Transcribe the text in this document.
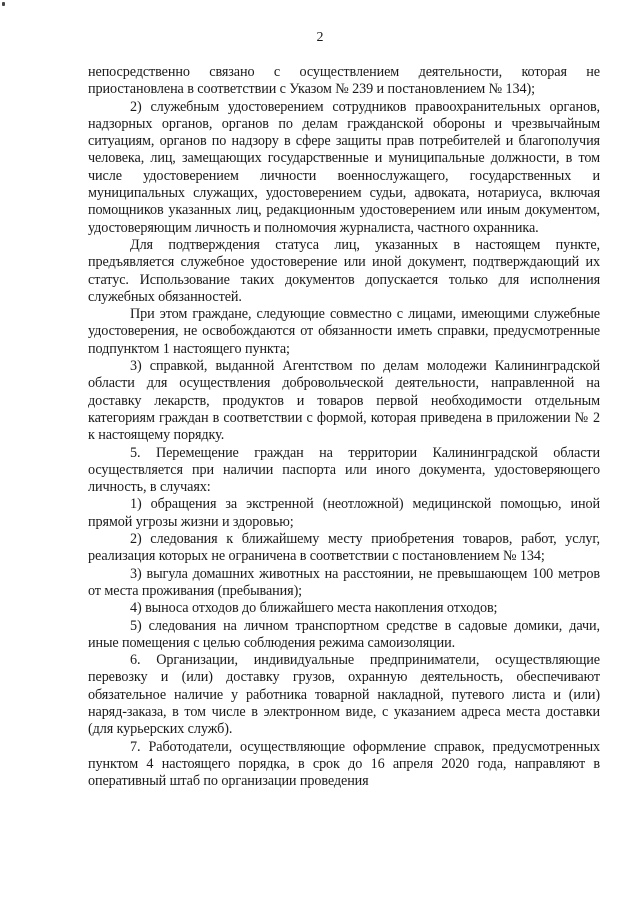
2

непосредственно связано с осуществлением деятельности, которая не приостановлена в соответствии с Указом № 239 и постановлением № 134);

2) служебным удостоверением сотрудников правоохранительных органов, надзорных органов, органов по делам гражданской обороны и чрезвычайным ситуациям, органов по надзору в сфере защиты прав потребителей и благополучия человека, лиц, замещающих государственные и муниципальные должности, в том числе удостоверением личности военнослужащего, государственных и муниципальных служащих, удостоверением судьи, адвоката, нотариуса, включая помощников указанных лиц, редакционным удостоверением или иным документом, удостоверяющим личность и полномочия журналиста, частного охранника.

Для подтверждения статуса лиц, указанных в настоящем пункте, предъявляется служебное удостоверение или иной документ, подтверждающий их статус. Использование таких документов допускается только для исполнения служебных обязанностей.

При этом граждане, следующие совместно с лицами, имеющими служебные удостоверения, не освобождаются от обязанности иметь справки, предусмотренные подпунктом 1 настоящего пункта;

3) справкой, выданной Агентством по делам молодежи Калининградской области для осуществления добровольческой деятельности, направленной на доставку лекарств, продуктов и товаров первой необходимости отдельным категориям граждан в соответствии с формой, которая приведена в приложении № 2 к настоящему порядку.

5. Перемещение граждан на территории Калининградской области осуществляется при наличии паспорта или иного документа, удостоверяющего личность, в случаях:

1) обращения за экстренной (неотложной) медицинской помощью, иной прямой угрозы жизни и здоровью;

2) следования к ближайшему месту приобретения товаров, работ, услуг, реализация которых не ограничена в соответствии с постановлением № 134;

3) выгула домашних животных на расстоянии, не превышающем 100 метров от места проживания (пребывания);

4) выноса отходов до ближайшего места накопления отходов;

5) следования на личном транспортном средстве в садовые домики, дачи, иные помещения с целью соблюдения режима самоизоляции.

6. Организации, индивидуальные предприниматели, осуществляющие перевозку и (или) доставку грузов, охранную деятельность, обеспечивают обязательное наличие у работника товарной накладной, путевого листа и (или) наряд-заказа, в том числе в электронном виде, с указанием адреса места доставки (для курьерских служб).

7. Работодатели, осуществляющие оформление справок, предусмотренных пунктом 4 настоящего порядка, в срок до 16 апреля 2020 года, направляют в оперативный штаб по организации проведения
